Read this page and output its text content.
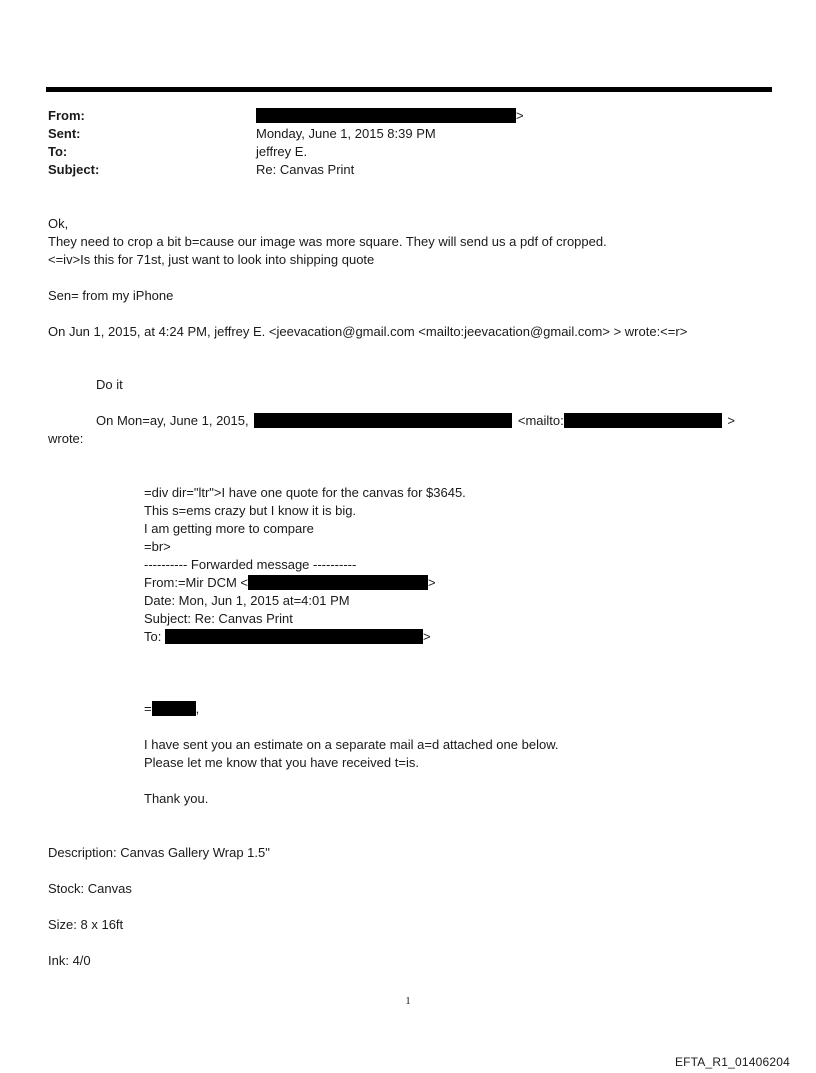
From:	>
Sent:	Monday, June 1, 2015 8:39 PM
To:	jeffrey E.
Subject:	Re: Canvas Print
Ok,
They need to crop a bit b=cause our image was more square. They will send us a pdf of cropped.
<=iv>Is this for 71st, just want to look into shipping quote
Sen= from my iPhone
On Jun 1, 2015, at 4:24 PM, jeffrey E. <jeevacation@gmail.com <mailto:jeevacation@gmail.com> > wrote:<=r>
Do it
On Mon=ay, June 1, 2015,	<mailto:	>
wrote:
=div dir="ltr">I have one quote for the canvas for $3645.
This s=ems crazy but I know it is big.
I am getting more to compare
=br>
---------- Forwarded message ----------
From:=Mir DCM <	>
Date: Mon, Jun 1, 2015 at=4:01 PM
Subject: Re: Canvas Print
To:	>
=	,
I have sent you an estimate on a separate mail a=d attached one below.
Please let me know that you have received t=is.
Thank you.
Description: Canvas Gallery Wrap 1.5"
Stock: Canvas
Size: 8 x 16ft
Ink: 4/0
1
EFTA_R1_01406204
